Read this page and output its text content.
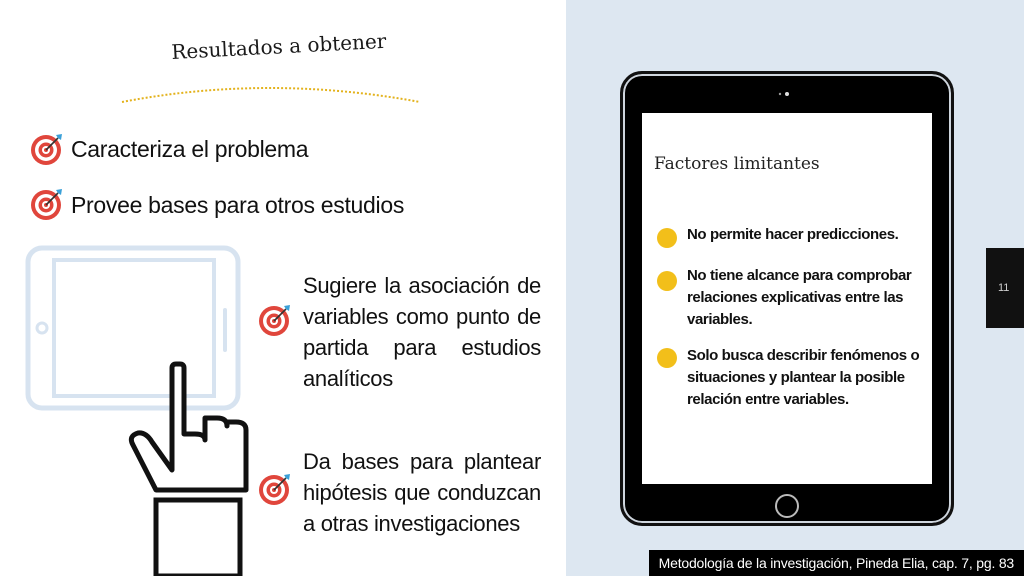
Resultados a obtener
Caracteriza el problema
Provee bases para otros estudios
Sugiere la asociación de variables como punto de partida para estudios analíticos
Da bases para plantear hipótesis que conduzcan a otras investigaciones
Factores limitantes
No permite hacer predicciones.
No tiene alcance para comprobar relaciones explicativas entre las variables.
Solo busca describir fenómenos o situaciones y plantear la posible relación entre variables.
11
Metodología de la investigación, Pineda Elia, cap. 7, pg. 83
